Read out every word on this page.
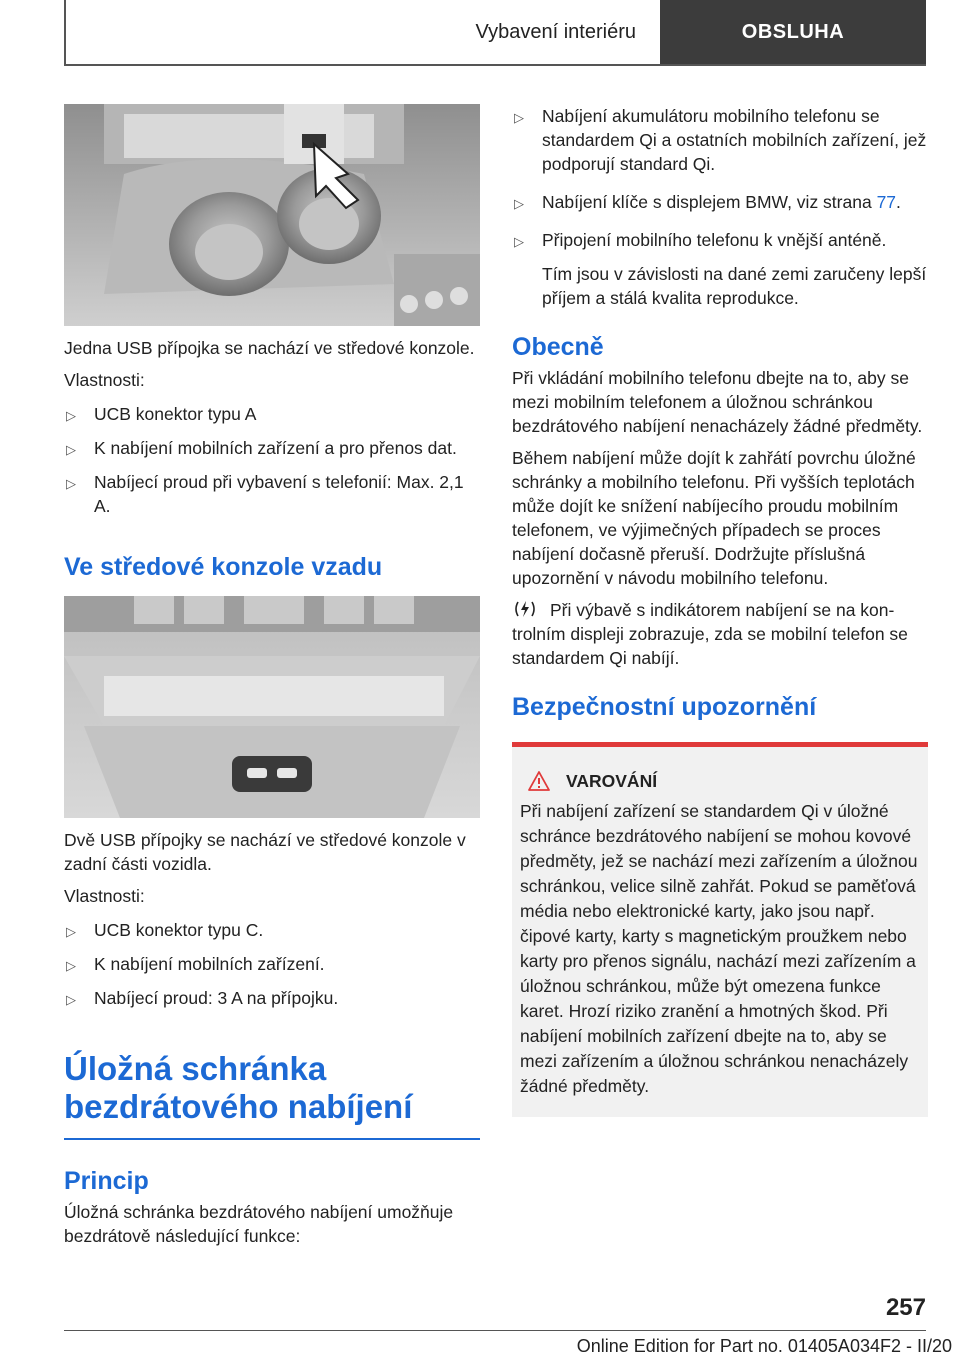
Vybavení interiéru	OBSLUHA

Jedna USB přípojka se nachází ve středové konzole.

Vlastnosti:

▷ UCB konektor typu A
▷ K nabíjení mobilních zařízení a pro přenos dat.
▷ Nabíjecí proud při vybavení s telefonií: Max. 2,1 A.
Ve středové konzole vzadu

Dvě USB přípojky se nachází ve středové konzole v zadní části vozidla.

Vlastnosti:

▷ UCB konektor typu C.
▷ K nabíjení mobilních zařízení.
▷ Nabíjecí proud: 3 A na přípojku.
Úložná schránka
bezdrátového nabíjení
Princip

Úložná schránka bezdrátového nabíjení umožňuje bezdrátově následující funkce:

▷ Nabíjení akumulátoru mobilního telefonu se standardem Qi a ostatních mobilních zařízení, jež podporují standard Qi.
▷ Nabíjení klíče s displejem BMW, viz strana 77.
▷ Připojení mobilního telefonu k vnější anténě.

Tím jsou v závislosti na dané zemi zaručeny lepší příjem a stálá kvalita reprodukce.

Obecně

Při vkládání mobilního telefonu dbejte na to, aby se mezi mobilním telefonem a úložnou schránkou bezdrátového nabíjení nenacházely žádné předměty.

Během nabíjení může dojít k zahřátí povrchu úložné schránky a mobilního telefonu. Při vyšších teplotách může dojít ke snížení nabíjecího proudu mobilním telefonem, ve výjimečných případech se proces nabíjení dočasně přeruší. Dodržujte příslušná upozornění v návodu mobilního telefonu.

Při výbavě s indikátorem nabíjení se na kontrolním displeji zobrazuje, zda se mobilní telefon se standardem Qi nabíjí.

Bezpečnostní upozornění
VAROVÁNÍ

Při nabíjení zařízení se standardem Qi v úložné schránce bezdrátového nabíjení se mohou kovové předměty, jež se nachází mezi zařízením a úložnou schránkou, velice silně zahřát. Pokud se paměťová média nebo elektronické karty, jako jsou např. čipové karty, karty s magnetickým proužkem nebo karty pro přenos signálu, nachází mezi zařízením a úložnou schránkou, může být omezena funkce karet. Hrozí riziko zranění a hmotných škod. Při nabíjení mobilních zařízení dbejte na to, aby se mezi zařízením a úložnou schránkou nenacházely žádné předměty.

257
Online Edition for Part no. 01405A034F2 - II/20
